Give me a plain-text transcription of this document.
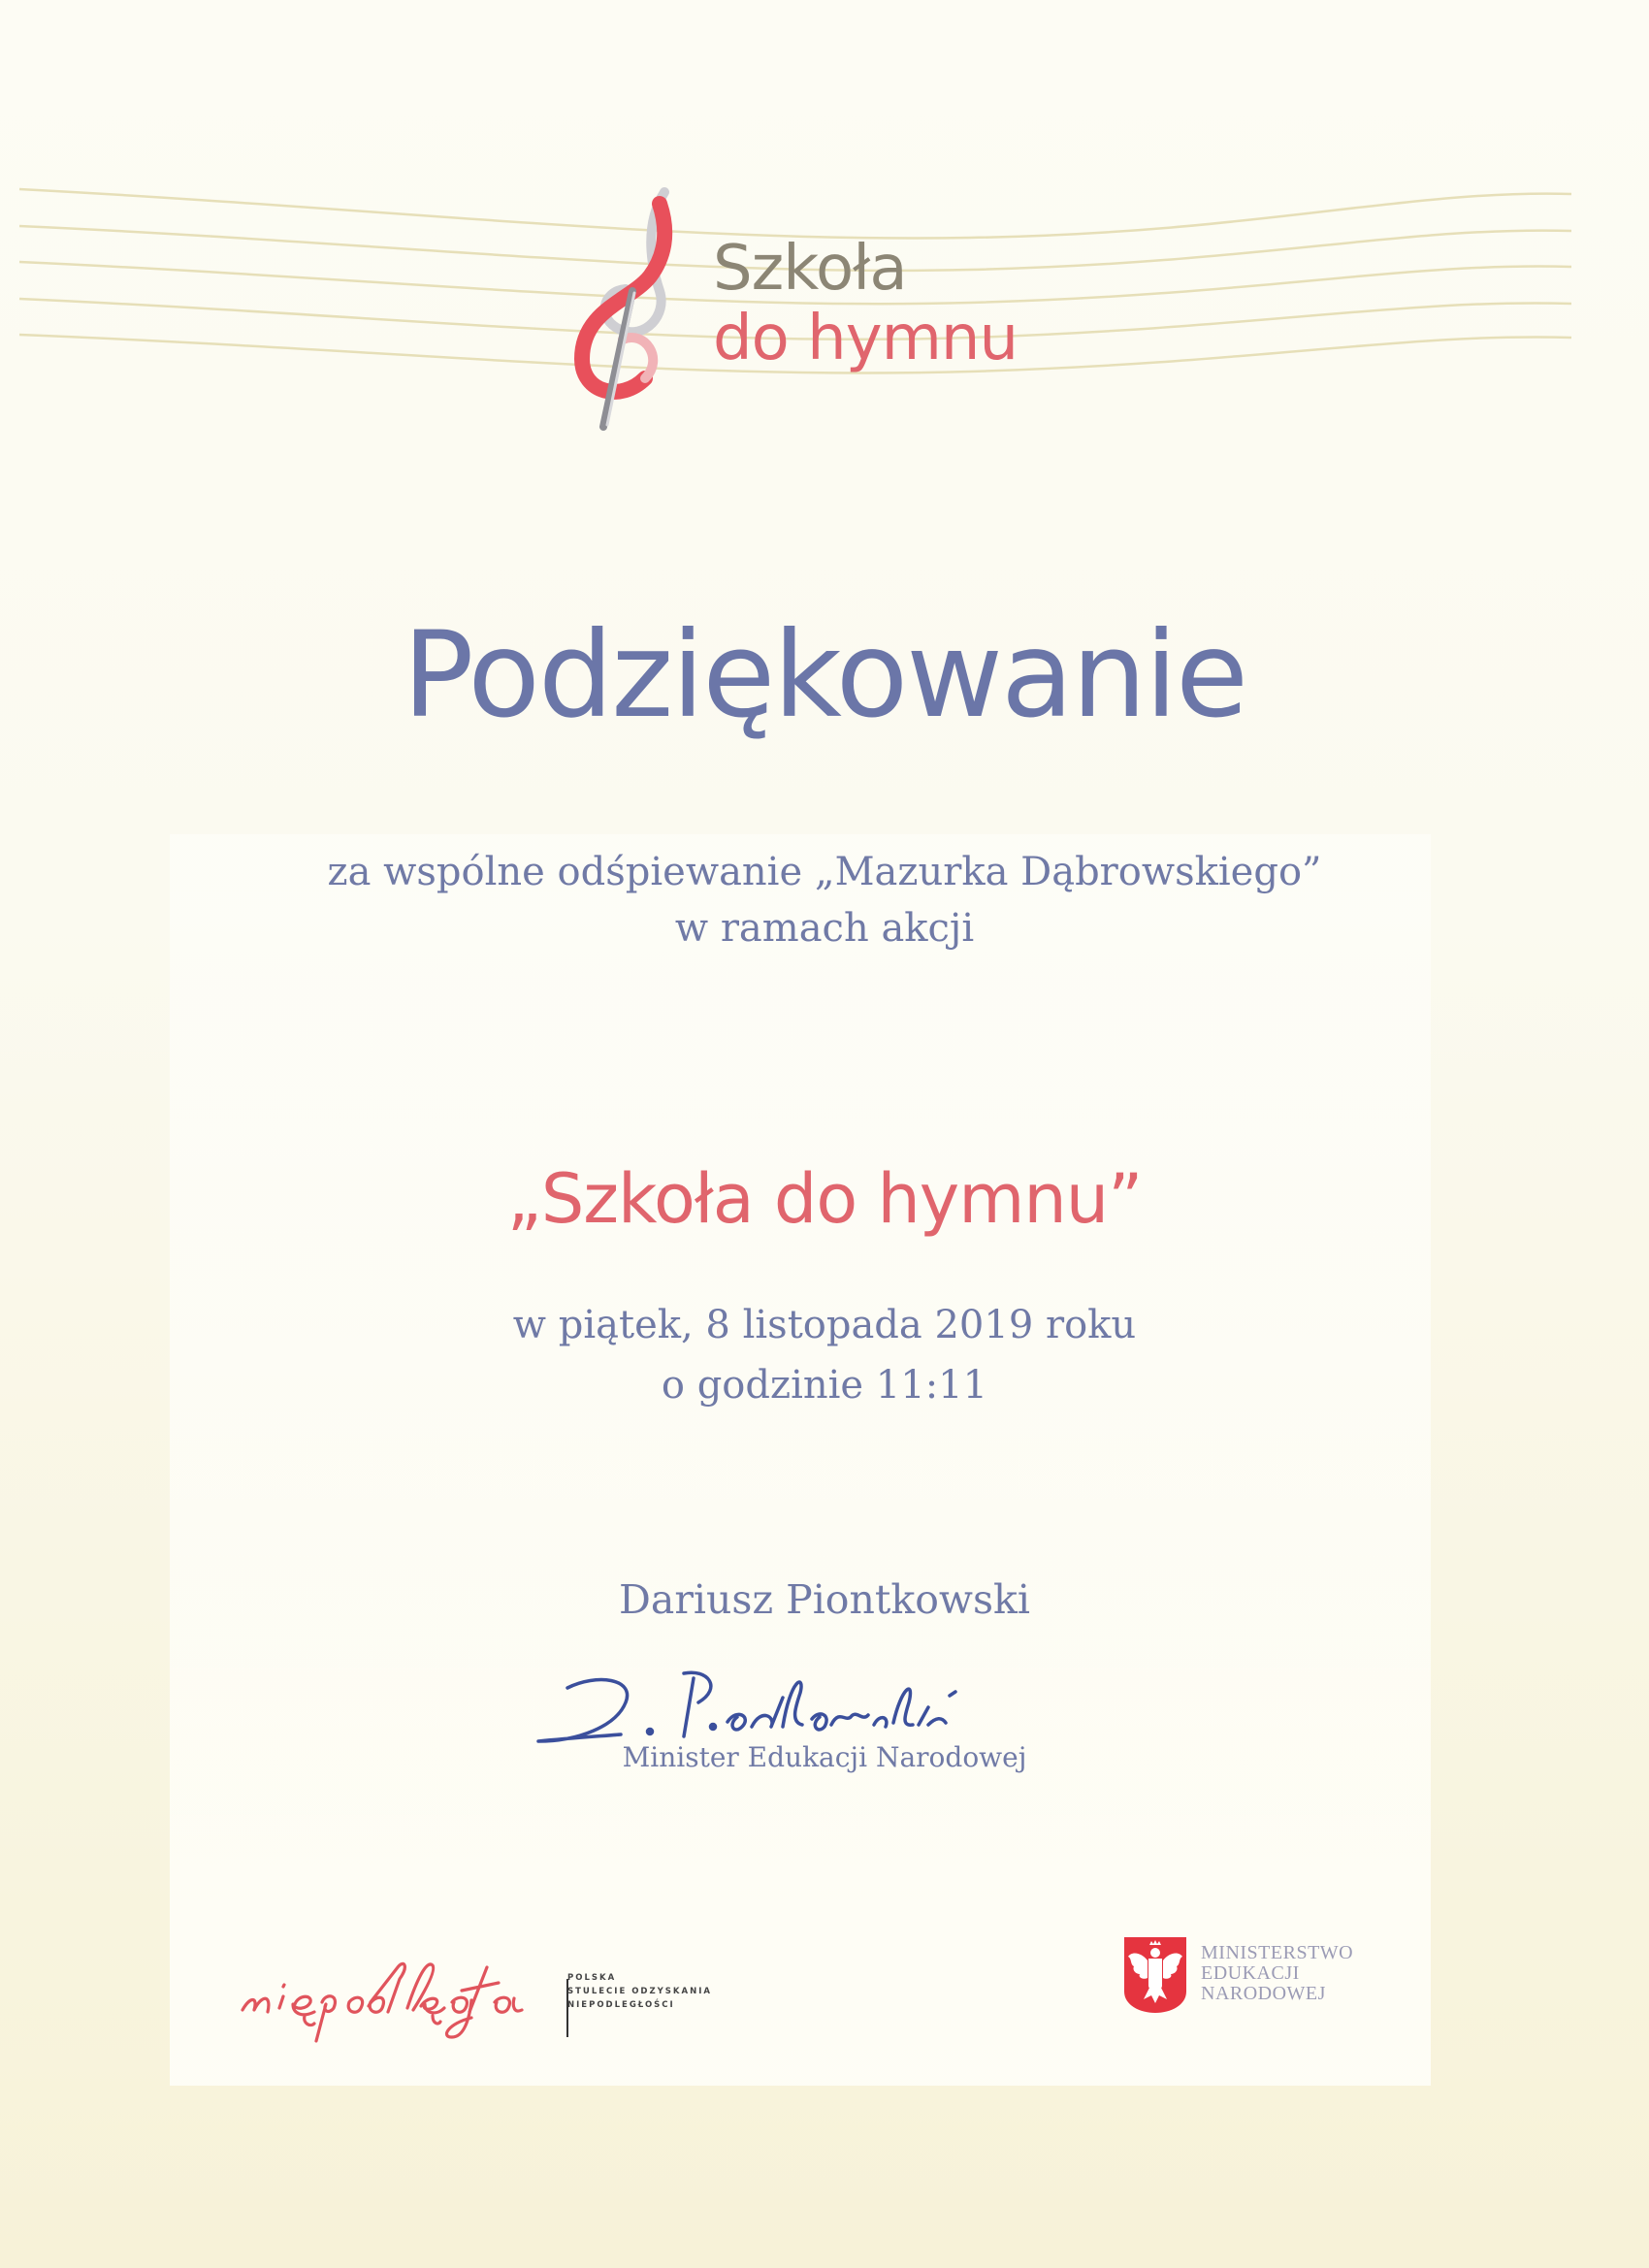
Szkoła
do hymnu
Podziękowanie
za wspólne odśpiewanie „Mazurka Dąbrowskiego”
w ramach akcji
„Szkoła do hymnu”
w piątek, 8 listopada 2019 roku
o godzinie 11:11
Dariusz Piontkowski
Minister Edukacji Narodowej
POLSKA
STULECIE ODZYSKANIA
NIEPODLEGŁOŚCI
MINISTERSTWO
EDUKACJI
NARODOWEJ
